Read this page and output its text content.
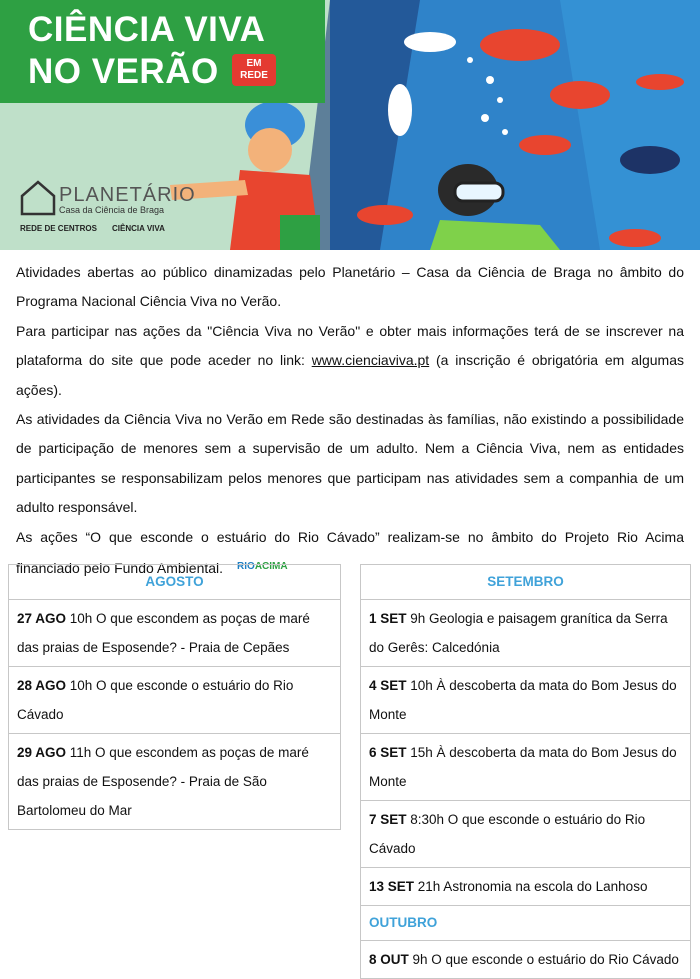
CIÊNCIA VIVA
NO VERÃO	EM
REDE
PLANETÁRIO
Casa da Ciência de Braga
REDE DE CENTROS CIÊNCIA VIVA

Atividades abertas ao público dinamizadas pelo Planetário – Casa da Ciência de Braga no âmbito do Programa Nacional Ciência Viva no Verão.

Para participar nas ações da "Ciência Viva no Verão" e obter mais informações terá de se inscrever na plataforma do site que pode aceder no link: www.cienciaviva.pt (a inscrição é obrigatória em algumas ações).

As atividades da Ciência Viva no Verão em Rede são destinadas às famílias, não existindo a possibilidade de participação de menores sem a supervisão de um adulto. Nem a Ciência Viva, nem as entidades participantes se responsabilizam pelos menores que participam nas atividades sem a companhia de um adulto responsável.

As ações “O que esconde o estuário do Rio Cávado” realizam-se no âmbito do Projeto Rio Acima financiado pelo Fundo Ambiental. RIOACIMA

AGOSTO
27 AGO 10h O que escondem as poças de maré das praias de Esposende? - Praia de Cepães
28 AGO 10h O que esconde o estuário do Rio Cávado
29 AGO 11h O que escondem as poças de maré das praias de Esposende? - Praia de São Bartolomeu do Mar
SETEMBRO
1 SET 9h Geologia e paisagem granítica da Serra do Gerês: Calcedónia
4 SET 10h À descoberta da mata do Bom Jesus do Monte
6 SET 15h À descoberta da mata do Bom Jesus do Monte
7 SET 8:30h O que esconde o estuário do Rio Cávado
13 SET 21h Astronomia na escola do Lanhoso
OUTUBRO
8 OUT 9h O que esconde o estuário do Rio Cávado
